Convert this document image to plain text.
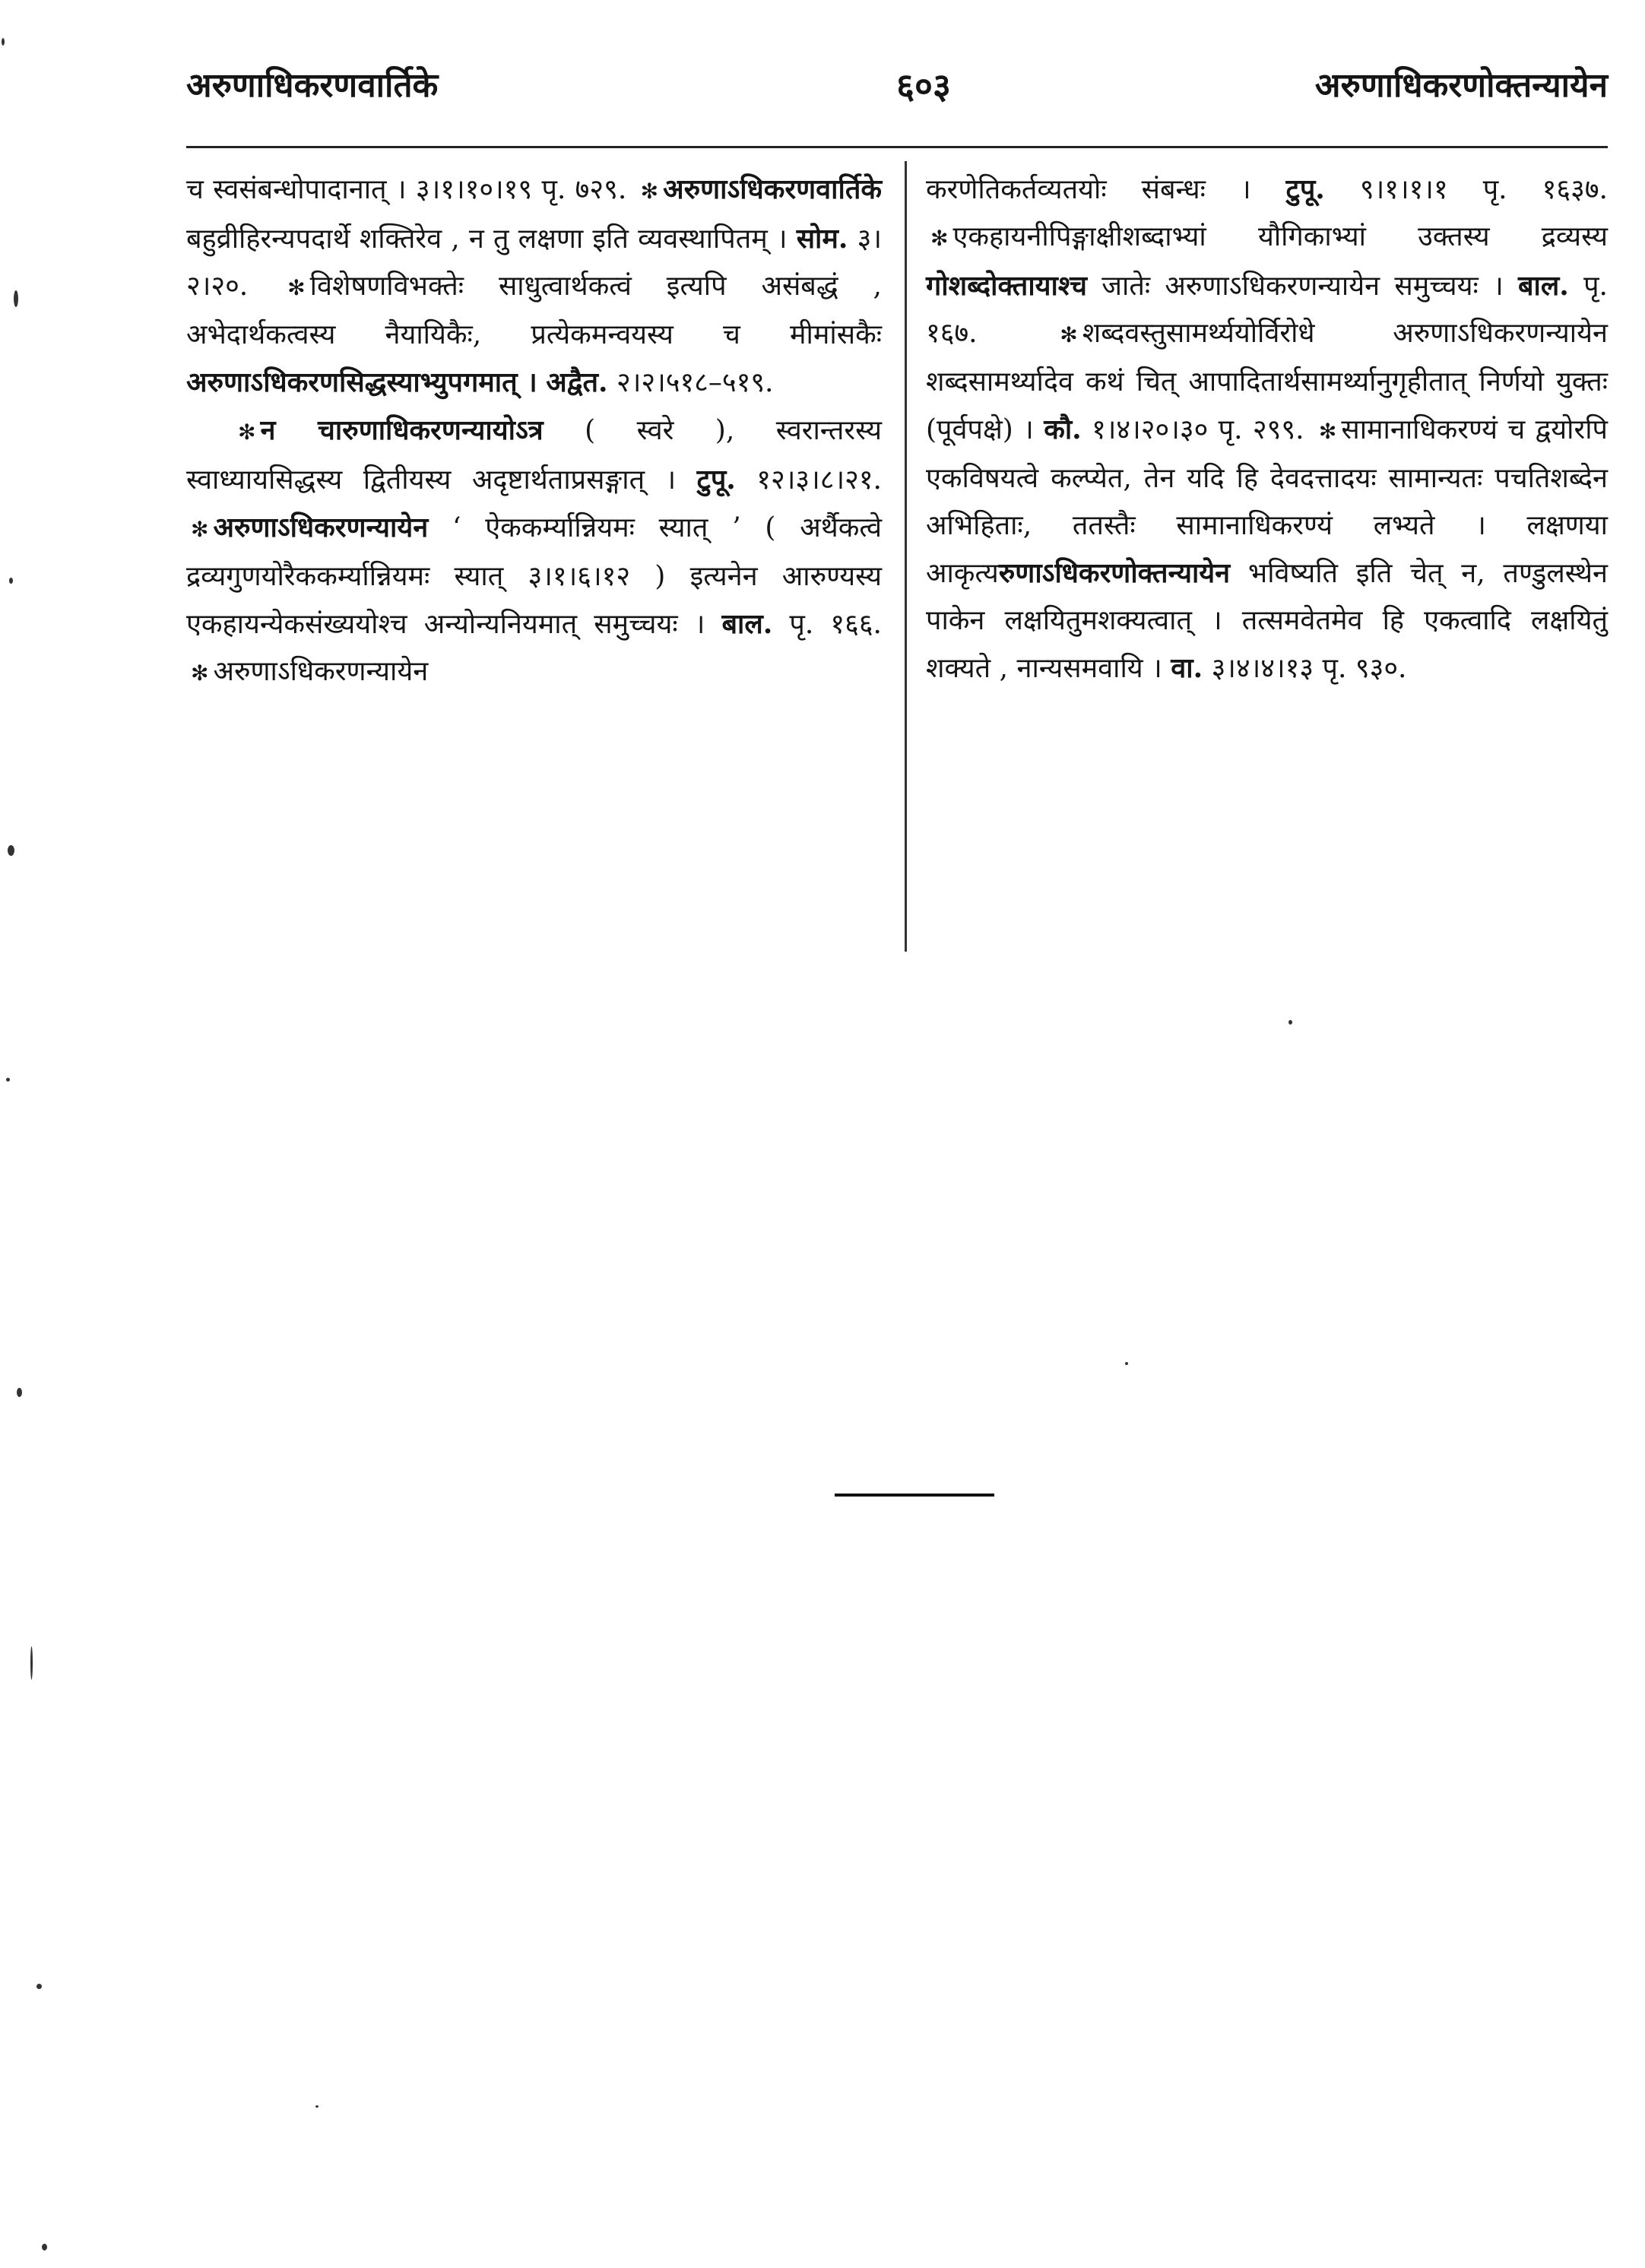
अरुणाधिकरणवार्तिके	६०३	अरुणाधिकरणोक्तन्यायेन

च स्वसंबन्धोपादानात् । ३।१।१०।१९ पृ. ७२९. ✻ अरुणाऽधिकरणवार्तिके बहुव्रीहिरन्यपदार्थे शक्तिरेव , न तु लक्षणा इति व्यवस्थापितम् । सोम. ३।२।२०. ✻ विशेषणविभक्तेः साधुत्वार्थकत्वं इत्यपि असंबद्धं , अभेदार्थकत्वस्य नैयायिकैः, प्रत्येकमन्वयस्य च मीमांसकैः अरुणाऽधिकरणसिद्धस्याभ्युपगमात् । अद्वैत. २।२।५१८–५१९.

✻ न चारुणाधिकरणन्यायोऽत्र ( स्वरे ), स्वरान्तरस्य स्वाध्यायसिद्धस्य द्वितीयस्य अदृष्टार्थताप्रसङ्गात् । टुपू. १२।३।८।२१. ✻ अरुणाऽधिकरणन्यायेन ‘ ऐककर्म्यान्नियमः स्यात् ’ ( अर्थैकत्वे द्रव्यगुणयोरैककर्म्यान्नियमः स्यात् ३।१।६।१२ ) इत्यनेन आरुण्यस्य एकहायन्येकसंख्ययोश्च अन्योन्यनियमात् समुच्चयः । बाल. पृ. १६६. ✻ अरुणाऽधिकरणन्यायेन

करणेतिकर्तव्यतयोः संबन्धः । टुपू. ९।१।१।१ पृ. १६३७. ✻ एकहायनीपिङ्गाक्षीशब्दाभ्यां यौगिकाभ्यां उक्तस्य द्रव्यस्य गोशब्दोक्तायाश्च जातेः अरुणाऽधिकरणन्यायेन समुच्चयः । बाल. पृ. १६७.	✻ शब्दवस्तुसामर्थ्ययोर्विरोधे अरुणाऽधिकरणन्यायेन शब्दसामर्थ्यादेव कथं चित् आपादितार्थसामर्थ्यानुगृहीतात् निर्णयो युक्तः (पूर्वपक्षे) । कौ. १।४।२०।३० पृ. २९९. ✻ सामानाधिकरण्यं च द्वयोरपि एकविषयत्वे कल्प्येत, तेन यदि हि देवदत्तादयः सामान्यतः पचतिशब्देन अभिहिताः, ततस्तैः सामानाधिकरण्यं लभ्यते । लक्षणया आकृत्यरुणाऽधिकरणोक्तन्यायेन भविष्यति इति चेत् न, तण्डुलस्थेन पाकेन लक्षयितुमशक्यत्वात् । तत्समवेतमेव हि एकत्वादि लक्षयितुं शक्यते , नान्यसमवायि । वा. ३।४।४।१३ पृ. ९३०.
